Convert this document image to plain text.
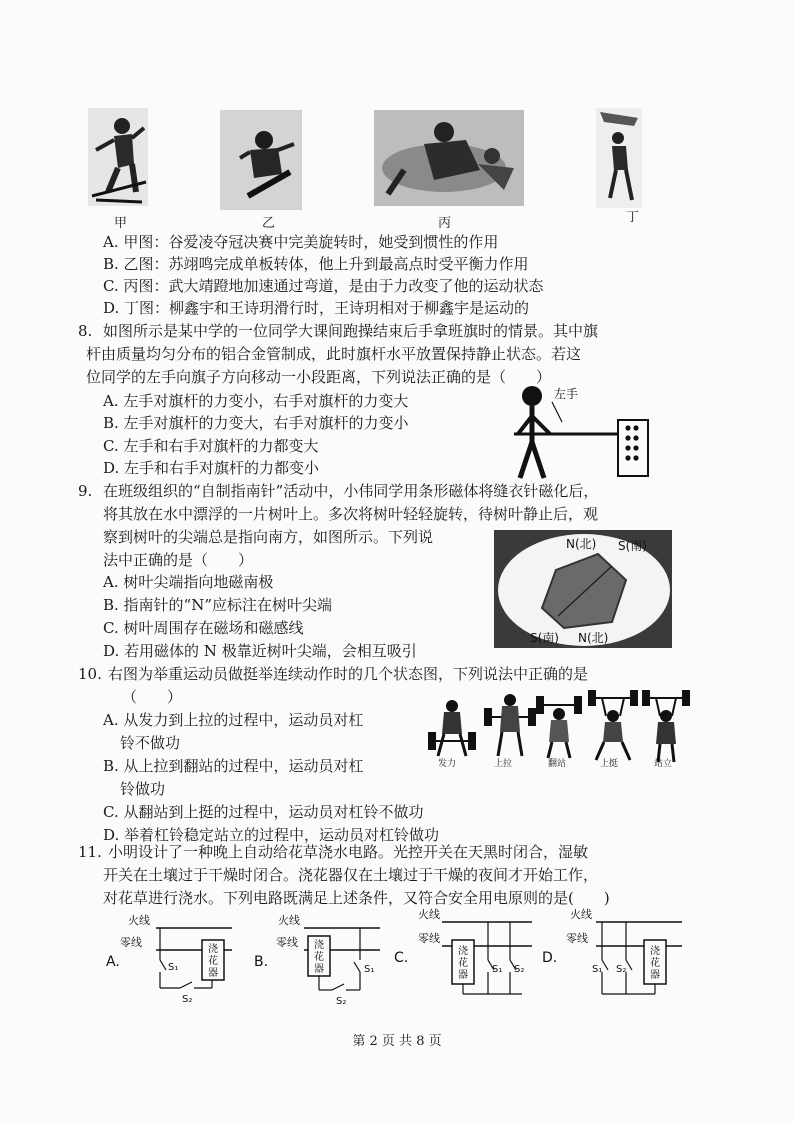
甲	乙	丙	丁
A. 甲图：谷爱凌夺冠决赛中完美旋转时，她受到惯性的作用
B. 乙图：苏翊鸣完成单板转体，他上升到最高点时受平衡力作用
C. 丙图：武大靖蹬地加速通过弯道，是由于力改变了他的运动状态
D. 丁图：柳鑫宇和王诗玥滑行时，王诗玥相对于柳鑫宇是运动的
8. 如图所示是某中学的一位同学大课间跑操结束后手拿班旗时的情景。其中旗
杆由质量均匀分布的铝合金管制成，此时旗杆水平放置保持静止状态。若这
位同学的左手向旗子方向移动一小段距离，下列说法正确的是（　　）
A. 左手对旗杆的力变小，右手对旗杆的力变大
B. 左手对旗杆的力变大，右手对旗杆的力变小
C. 左手和右手对旗杆的力都变大
D. 左手和右手对旗杆的力都变小
左手
9. 在班级组织的“自制指南针”活动中，小伟同学用条形磁体将缝衣针磁化后，
将其放在水中漂浮的一片树叶上。多次将树叶轻轻旋转，待树叶静止后，观
察到树叶的尖端总是指向南方，如图所示。下列说
法中正确的是（　　）
A. 树叶尖端指向地磁南极
B. 指南针的“N”应标注在树叶尖端
C. 树叶周围存在磁场和磁感线
D. 若用磁体的 N 极靠近树叶尖端，会相互吸引
N(北) S(南)
S(南) N(北)
10. 右图为举重运动员做挺举连续动作时的几个状态图，下列说法中正确的是
（　　）
A. 从发力到上拉的过程中，运动员对杠
铃不做功
B. 从上拉到翻站的过程中，运动员对杠
铃做功
C. 从翻站到上挺的过程中，运动员对杠铃不做功
D. 举着杠铃稳定站立的过程中，运动员对杠铃做功
发力	上拉	翻站	上挺	站立
11. 小明设计了一种晚上自动给花草浇水电路。光控开关在天黑时闭合，湿敏
开关在土壤过于干燥时闭合。浇花器仅在土壤过于干燥的夜间才开始工作，
对花草进行浇水。下列电路既满足上述条件，又符合安全用电原则的是(　　)
火线
零线
A.
浇花器
S₁
S₂
火线
零线
B.
浇花器	S₁
S₂
火线
零线
C.	浇花器
S₁ S₂
火线
零线
D.	浇花器
S₁ S₂
第 2 页 共 8 页
